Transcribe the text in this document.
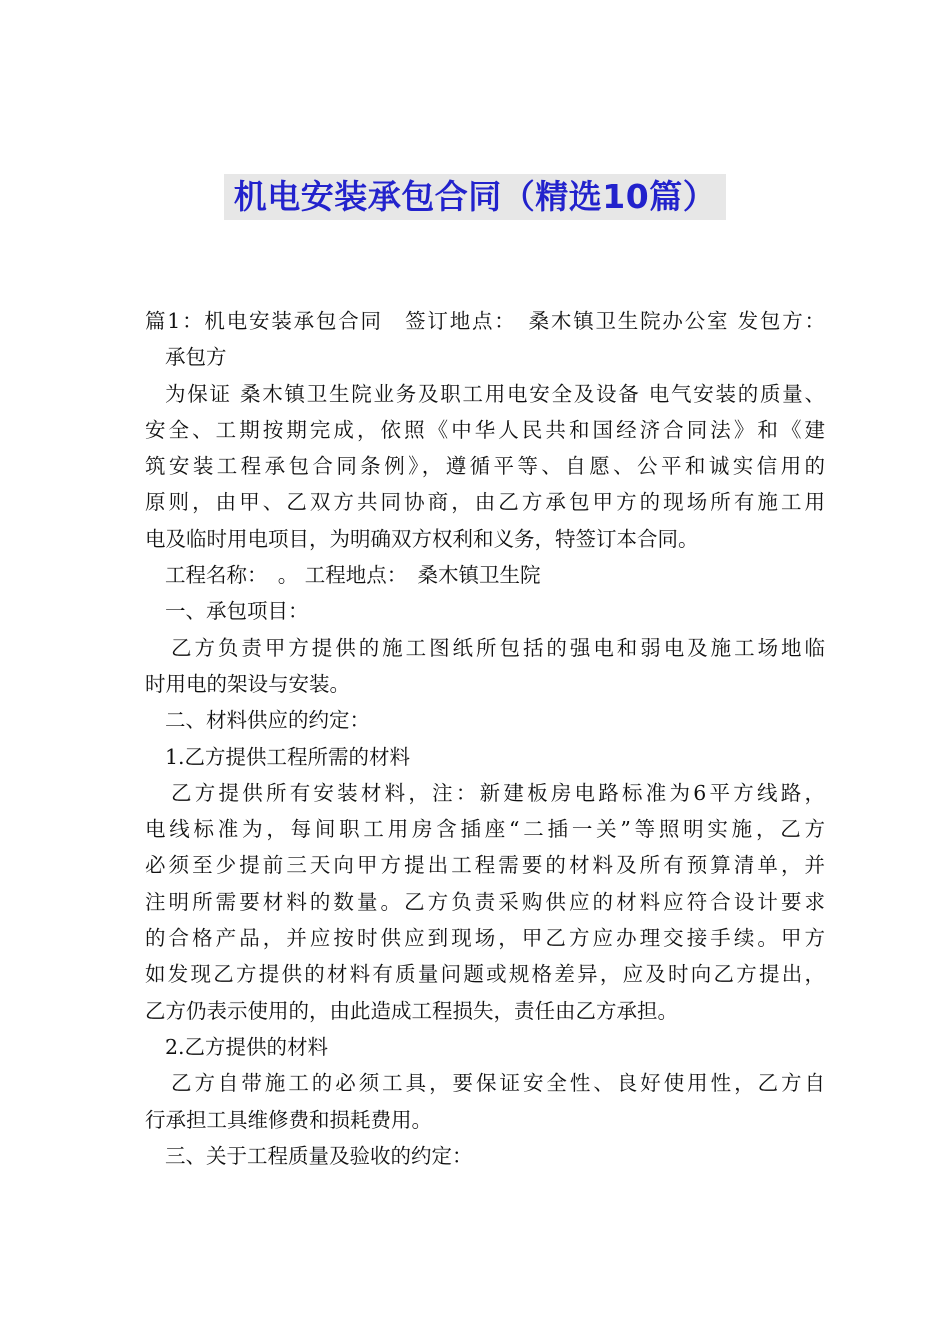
机电安装承包合同（精选10篇）
篇1：机电安装承包合同　签订地点：　桑木镇卫生院办公室 发包方：
承包方
为保证 桑木镇卫生院业务及职工用电安全及设备 电气安装的质量、
安全、工期按期完成，依照《中华人民共和国经济合同法》和《建
筑安装工程承包合同条例》，遵循平等、自愿、公平和诚实信用的
原则，由甲、乙双方共同协商，由乙方承包甲方的现场所有施工用
电及临时用电项目，为明确双方权利和义务，特签订本合同。
工程名称：　。 工程地点：　桑木镇卫生院
一、承包项目：
乙方负责甲方提供的施工图纸所包括的强电和弱电及施工场地临
时用电的架设与安装。
二、材料供应的约定：
1.乙方提供工程所需的材料
乙方提供所有安装材料，注：新建板房电路标准为6平方线路，
电线标准为，每间职工用房含插座“二插一关”等照明实施，乙方
必须至少提前三天向甲方提出工程需要的材料及所有预算清单，并
注明所需要材料的数量。乙方负责采购供应的材料应符合设计要求
的合格产品，并应按时供应到现场，甲乙方应办理交接手续。甲方
如发现乙方提供的材料有质量问题或规格差异，应及时向乙方提出，
乙方仍表示使用的，由此造成工程损失，责任由乙方承担。
2.乙方提供的材料
乙方自带施工的必须工具，要保证安全性、良好使用性，乙方自
行承担工具维修费和损耗费用。
三、关于工程质量及验收的约定：
